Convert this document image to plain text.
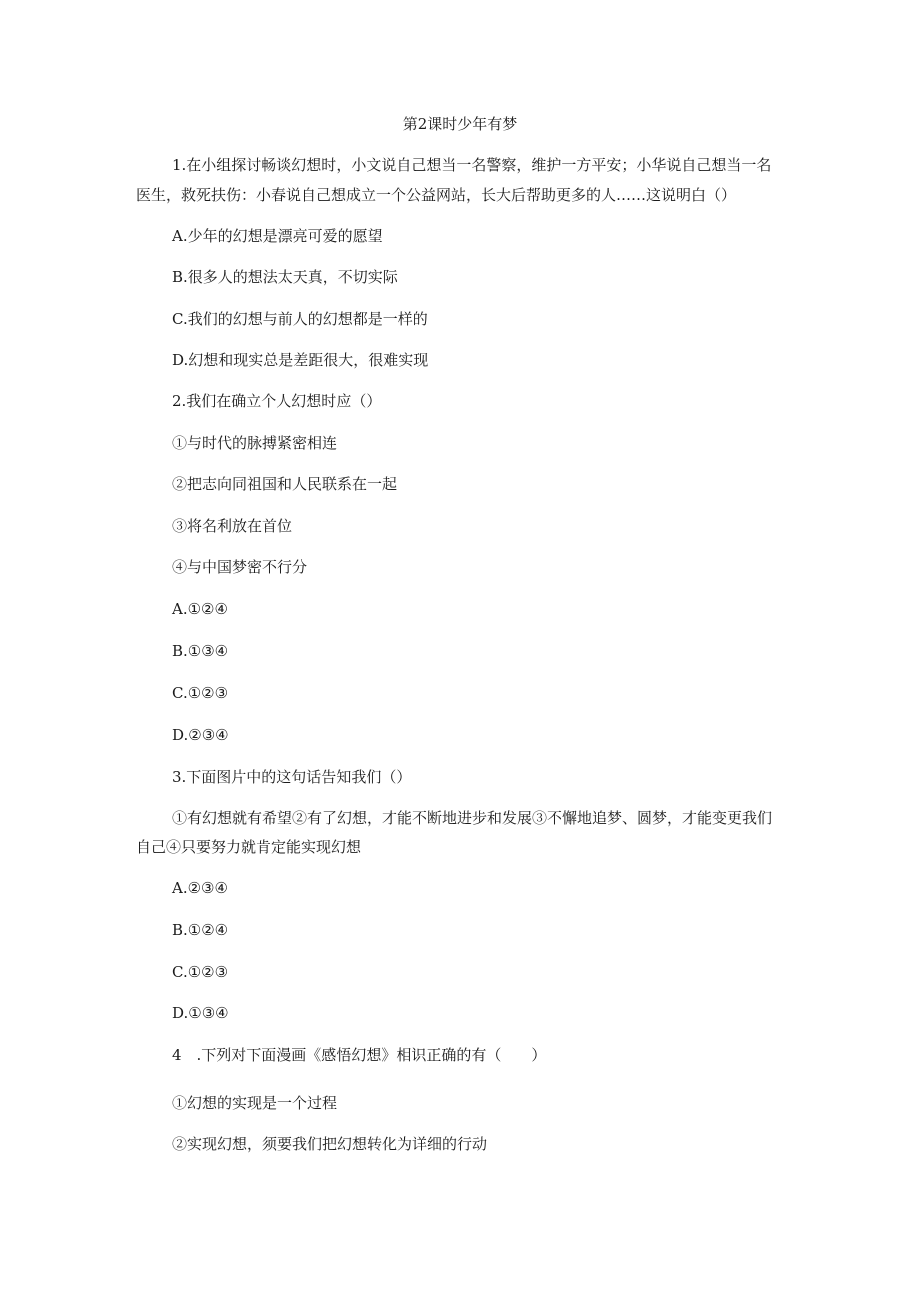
第2课时少年有梦
1.在小组探讨畅谈幻想时，小文说自己想当一名警察，维护一方平安；小华说自己想当一名
医生，救死扶伤：小春说自己想成立一个公益网站，长大后帮助更多的人……这说明白（）
A.少年的幻想是漂亮可爱的愿望
B.很多人的想法太天真，不切实际
C.我们的幻想与前人的幻想都是一样的
D.幻想和现实总是差距很大，很难实现
2.我们在确立个人幻想时应（）
①与时代的脉搏紧密相连
②把志向同祖国和人民联系在一起
③将名利放在首位
④与中国梦密不行分
A.①②④
B.①③④
C.①②③
D.②③④
3.下面图片中的这句话告知我们（）
①有幻想就有希望②有了幻想，才能不断地进步和发展③不懈地追梦、圆梦，才能变更我们
自己④只要努力就肯定能实现幻想
A.②③④
B.①②④
C.①②③
D.①③④
4　.下列对下面漫画《感悟幻想》相识正确的有（　　）
①幻想的实现是一个过程
②实现幻想，须要我们把幻想转化为详细的行动
